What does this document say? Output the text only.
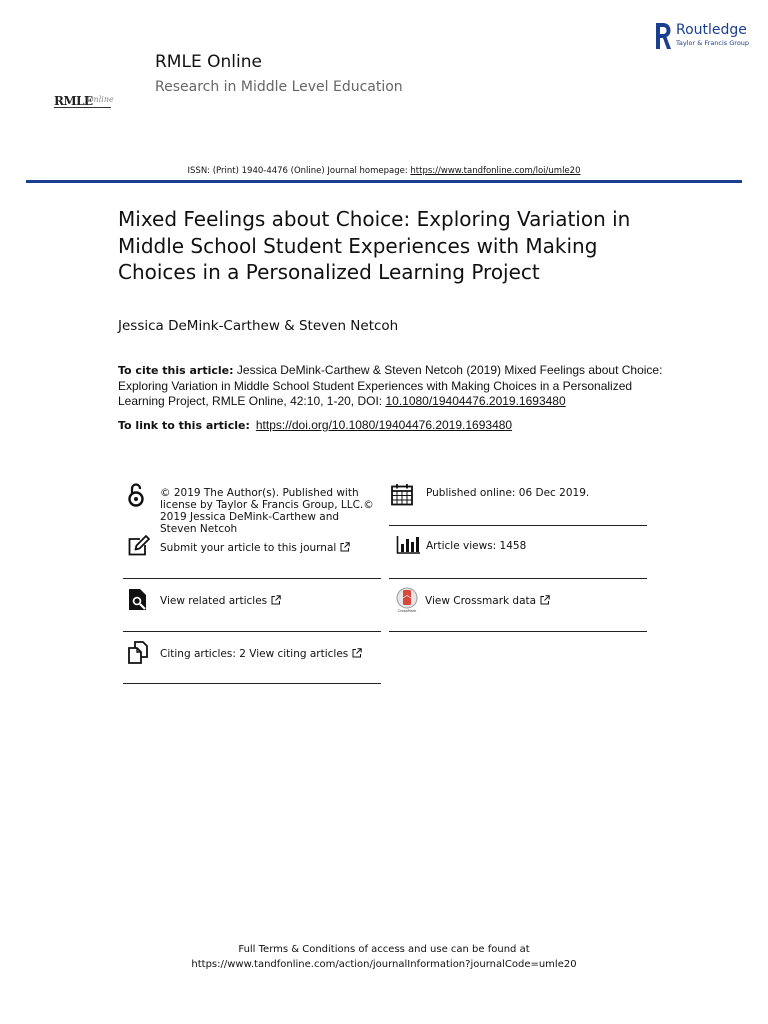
RMLE
Online
RMLE Online
Research in Middle Level Education
Routledge
Taylor & Francis Group
ISSN: (Print) 1940-4476 (Online) Journal homepage: https://www.tandfonline.com/loi/umle20
Mixed Feelings about Choice: Exploring Variation in Middle School Student Experiences with Making Choices in a Personalized Learning Project
Jessica DeMink-Carthew & Steven Netcoh
To cite this article: Jessica DeMink-Carthew & Steven Netcoh (2019) Mixed Feelings about Choice: Exploring Variation in Middle School Student Experiences with Making Choices in a Personalized Learning Project, RMLE Online, 42:10, 1-20, DOI: 10.1080/19404476.2019.1693480
To link to this article: https://doi.org/10.1080/19404476.2019.1693480
© 2019 The Author(s). Published with license by Taylor & Francis Group, LLC.© 2019 Jessica DeMink-Carthew and Steven Netcoh
Published online: 06 Dec 2019.
Submit your article to this journal	Article views: 1458
View related articles
CrossMark
View Crossmark data
Citing articles: 2 View citing articles
Full Terms & Conditions of access and use can be found at
https://www.tandfonline.com/action/journalInformation?journalCode=umle20
